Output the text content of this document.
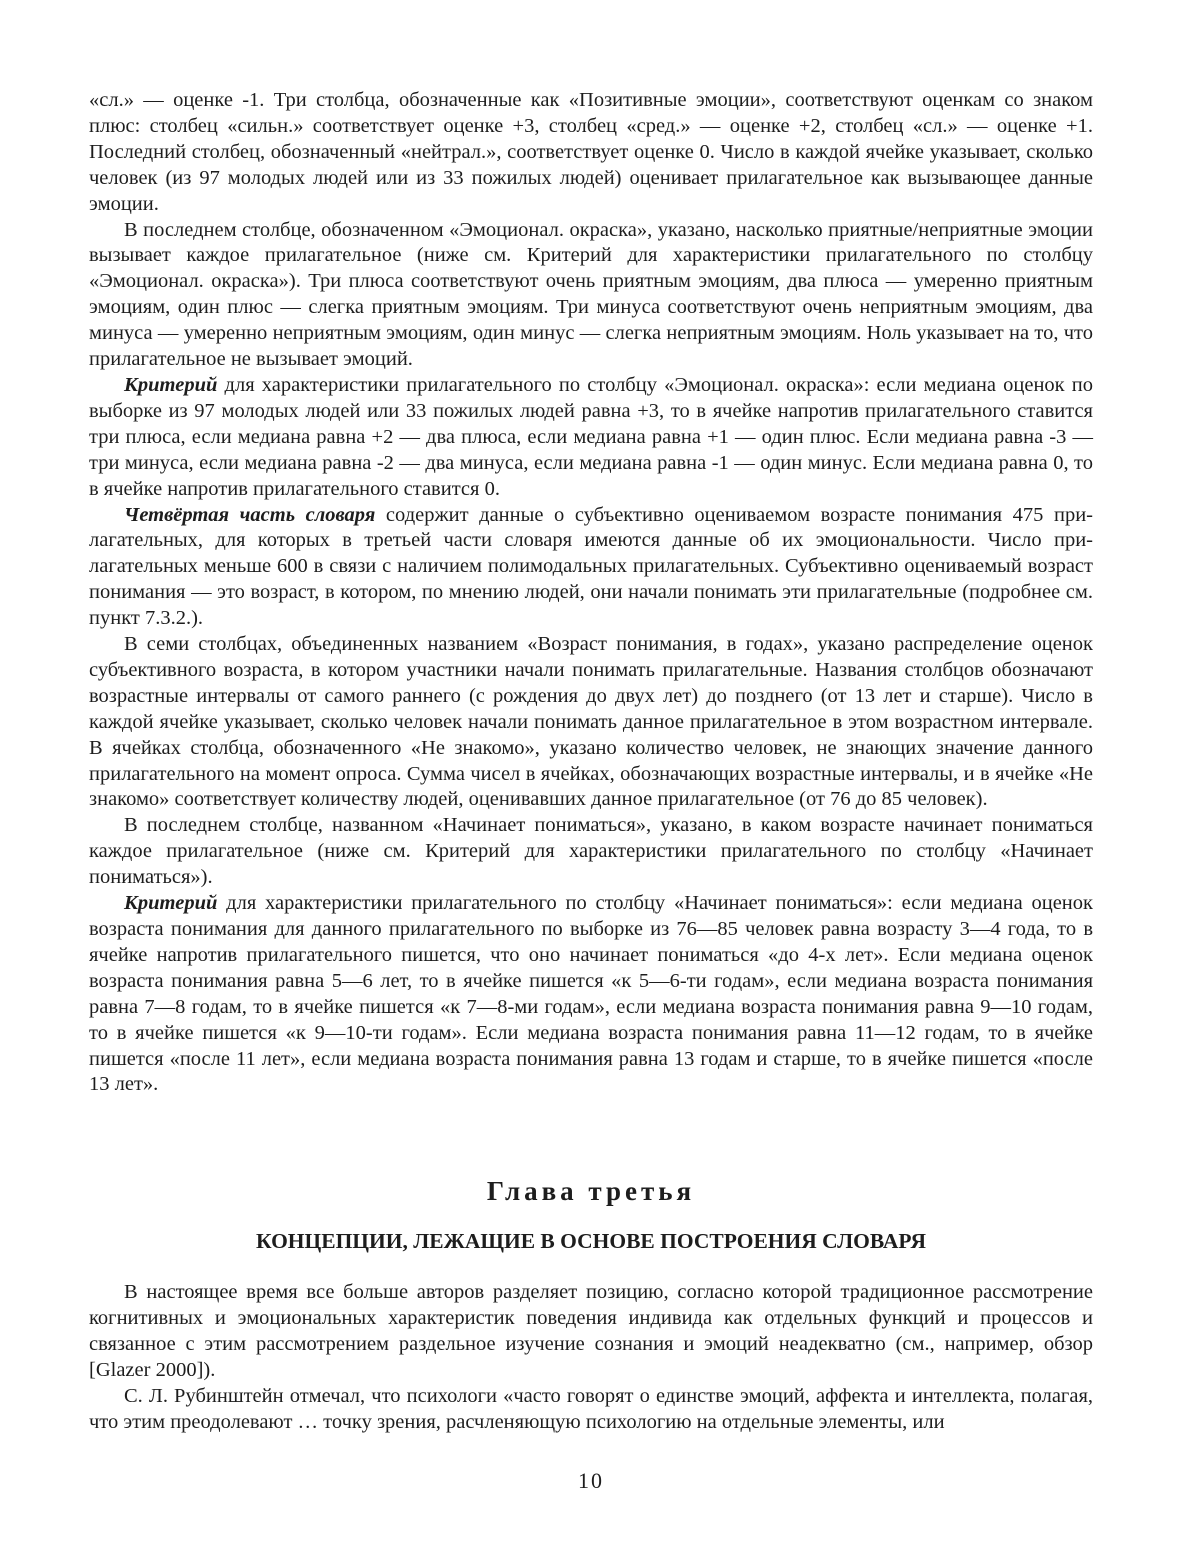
«сл.» — оценке -1. Три столбца, обозначенные как «Позитивные эмоции», соответствуют оценкам со знаком плюс: столбец «сильн.» соответствует оценке +3, столбец «сред.» — оценке +2, столбец «сл.» — оценке +1. Последний столбец, обозначенный «нейтрал.», соответствует оценке 0. Число в каждой ячейке указывает, сколько человек (из 97 молодых людей или из 33 пожилых людей) оценивает прилагательное как вызывающее данные эмоции.

В последнем столбце, обозначенном «Эмоционал. окраска», указано, насколько приятные/неприятные эмоции вызывает каждое прилагательное (ниже см. Критерий для характеристики прилагательного по столбцу «Эмоционал. окраска»). Три плюса соответствуют очень приятным эмоциям, два плюса — умеренно приятным эмоциям, один плюс — слегка приятным эмоциям. Три минуса соответствуют очень неприятным эмоциям, два минуса — умеренно неприятным эмоциям, один минус — слегка неприятным эмоциям. Ноль указывает на то, что прилагательное не вызывает эмоций.

Критерий для характеристики прилагательного по столбцу «Эмоционал. окраска»: если медиана оценок по выборке из 97 молодых людей или 33 пожилых людей равна +3, то в ячейке напротив прилагательного ставится три плюса, если медиана равна +2 — два плюса, если медиана равна +1 — один плюс. Если медиана равна -3 — три минуса, если медиана равна -2 — два минуса, если медиана равна -1 — один минус. Если медиана равна 0, то в ячейке напротив прилагательного ставится 0.

Четвёртая часть словаря содержит данные о субъективно оцениваемом возрасте понимания 475 прилагательных, для которых в третьей части словаря имеются данные об их эмоциональности. Число прилагательных меньше 600 в связи с наличием полимодальных прилагательных. Субъективно оцениваемый возраст понимания — это возраст, в котором, по мнению людей, они начали понимать эти прилагательные (подробнее см. пункт 7.3.2.).

В семи столбцах, объединенных названием «Возраст понимания, в годах», указано распределение оценок субъективного возраста, в котором участники начали понимать прилагательные. Названия столбцов обозначают возрастные интервалы от самого раннего (с рождения до двух лет) до позднего (от 13 лет и старше). Число в каждой ячейке указывает, сколько человек начали понимать данное прилагательное в этом возрастном интервале. В ячейках столбца, обозначенного «Не знакомо», указано количество человек, не знающих значение данного прилагательного на момент опроса. Сумма чисел в ячейках, обозначающих возрастные интервалы, и в ячейке «Не знакомо» соответствует количеству людей, оценивавших данное прилагательное (от 76 до 85 человек).

В последнем столбце, названном «Начинает пониматься», указано, в каком возрасте начинает пониматься каждое прилагательное (ниже см. Критерий для характеристики прилагательного по столбцу «Начинает пониматься»).

Критерий для характеристики прилагательного по столбцу «Начинает пониматься»: если медиана оценок возраста понимания для данного прилагательного по выборке из 76—85 человек равна возрасту 3—4 года, то в ячейке напротив прилагательного пишется, что оно начинает пониматься «до 4-х лет». Если медиана оценок возраста понимания равна 5—6 лет, то в ячейке пишется «к 5—6-ти годам», если медиана возраста понимания равна 7—8 годам, то в ячейке пишется «к 7—8-ми годам», если медиана возраста понимания равна 9—10 годам, то в ячейке пишется «к 9—10-ти годам». Если медиана возраста понимания равна 11—12 годам, то в ячейке пишется «после 11 лет», если медиана возраста понимания равна 13 годам и старше, то в ячейке пишется «после 13 лет».

Глава третья
КОНЦЕПЦИИ, ЛЕЖАЩИЕ В ОСНОВЕ ПОСТРОЕНИЯ СЛОВАРЯ

В настоящее время все больше авторов разделяет позицию, согласно которой традиционное рассмотрение когнитивных и эмоциональных характеристик поведения индивида как отдельных функций и процессов и связанное с этим рассмотрением раздельное изучение сознания и эмоций неадекватно (см., например, обзор [Glazer 2000]).

С. Л. Рубинштейн отмечал, что психологи «часто говорят о единстве эмоций, аффекта и интеллекта, полагая, что этим преодолевают … точку зрения, расчленяющую психологию на отдельные элементы, или

10
